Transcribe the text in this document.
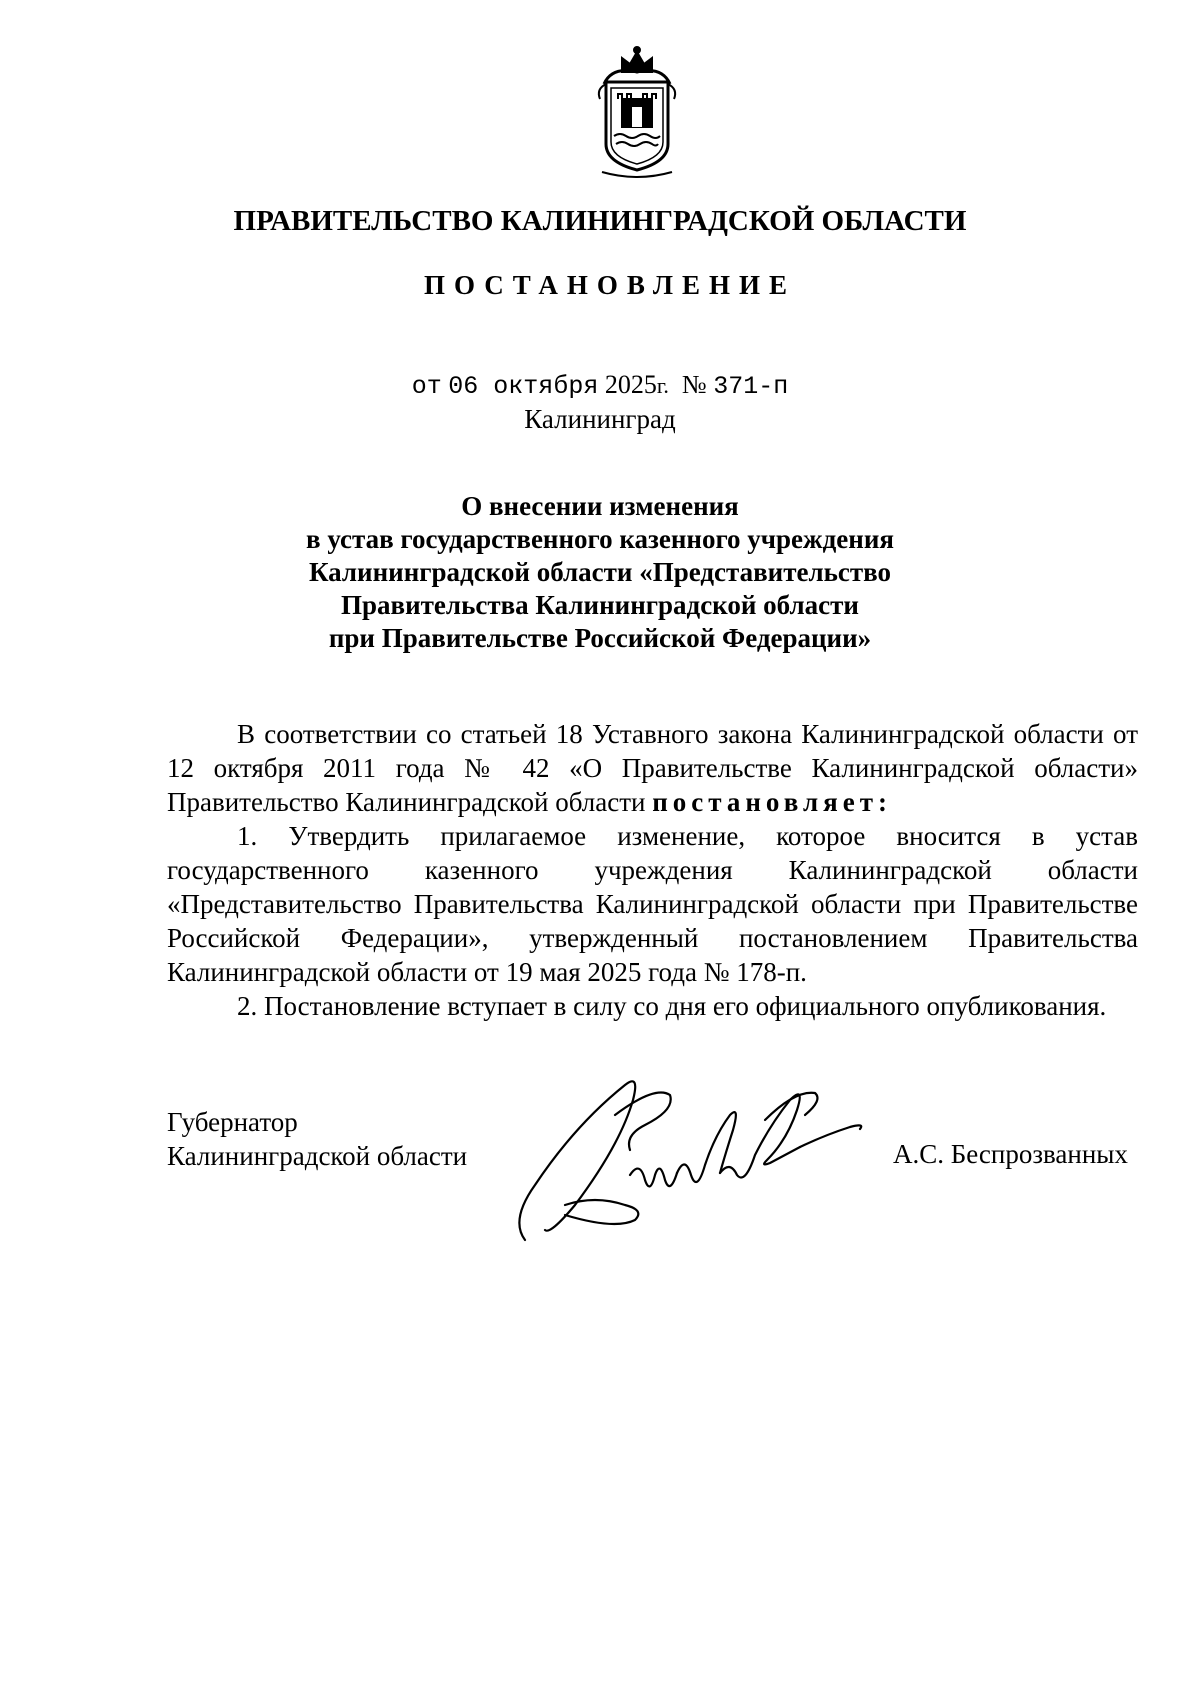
ПРАВИТЕЛЬСТВО КАЛИНИНГРАДСКОЙ ОБЛАСТИ
ПОСТАНОВЛЕНИЕ
от 06 октября 2025г. № 371-п
Калининград
О внесении изменения
в устав государственного казенного учреждения
Калининградской области «Представительство
Правительства Калининградской области
при Правительстве Российской Федерации»

В соответствии со статьей 18 Уставного закона Калининградской области от 12 октября 2011 года № 42 «О Правительстве Калининградской области» Правительство Калининградской области постановляет:

1. Утвердить прилагаемое изменение, которое вносится в устав государственного казенного учреждения Калининградской области «Представительство Правительства Калининградской области при Правительстве Российской Федерации», утвержденный постановлением Правительства Калининградской области от 19 мая 2025 года № 178-п.

2. Постановление вступает в силу со дня его официального опубликования.

Губернатор
Калининградской области	А.С. Беспрозванных
